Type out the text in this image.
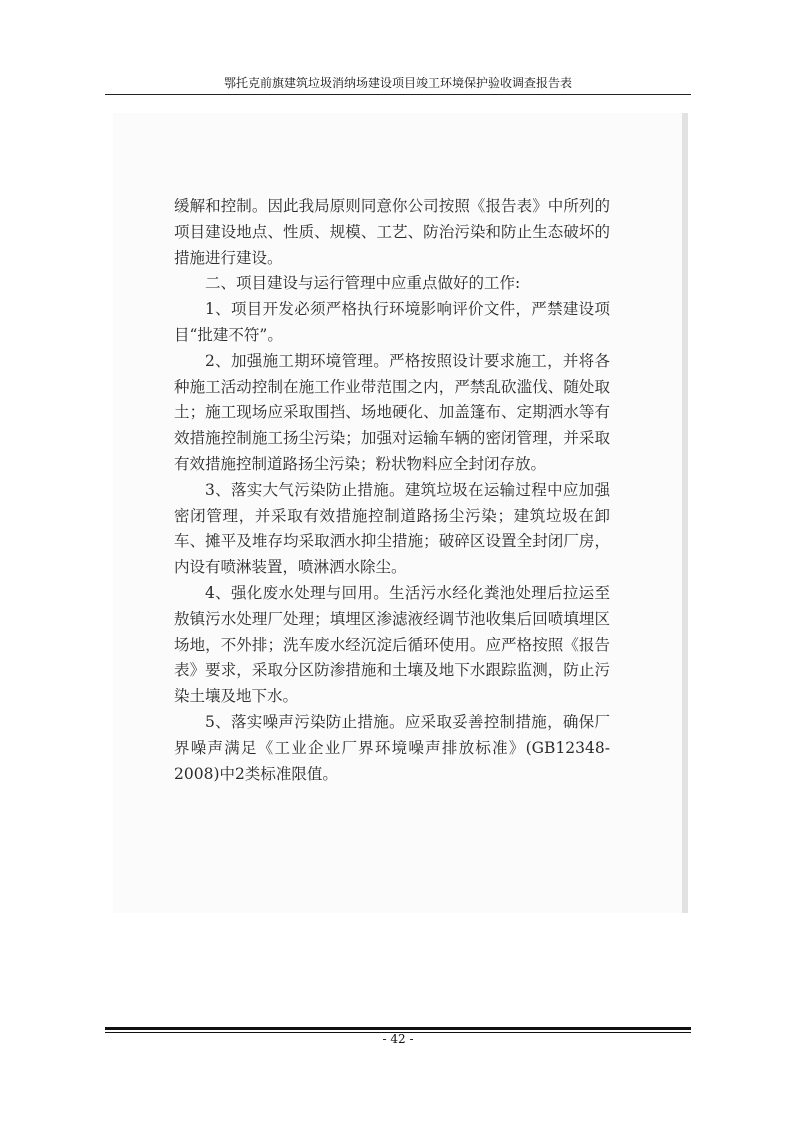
鄂托克前旗建筑垃圾消纳场建设项目竣工环境保护验收调查报告表

缓解和控制。因此我局原则同意你公司按照《报告表》中所列的项目建设地点、性质、规模、工艺、防治污染和防止生态破坏的措施进行建设。

二、项目建设与运行管理中应重点做好的工作:

1、项目开发必须严格执行环境影响评价文件，严禁建设项目“批建不符”。

2、加强施工期环境管理。严格按照设计要求施工，并将各种施工活动控制在施工作业带范围之内，严禁乱砍滥伐、随处取土；施工现场应采取围挡、场地硬化、加盖篷布、定期洒水等有效措施控制施工扬尘污染；加强对运输车辆的密闭管理，并采取有效措施控制道路扬尘污染；粉状物料应全封闭存放。

3、落实大气污染防止措施。建筑垃圾在运输过程中应加强密闭管理，并采取有效措施控制道路扬尘污染；建筑垃圾在卸车、摊平及堆存均采取洒水抑尘措施；破碎区设置全封闭厂房，内设有喷淋装置，喷淋洒水除尘。

4、强化废水处理与回用。生活污水经化粪池处理后拉运至敖镇污水处理厂处理；填埋区渗滤液经调节池收集后回喷填埋区场地，不外排；洗车废水经沉淀后循环使用。应严格按照《报告表》要求，采取分区防渗措施和土壤及地下水跟踪监测，防止污染土壤及地下水。

5、落实噪声污染防止措施。应采取妥善控制措施，确保厂界噪声满足《工业企业厂界环境噪声排放标准》(GB12348-2008)中2类标准限值。

- 42 -
